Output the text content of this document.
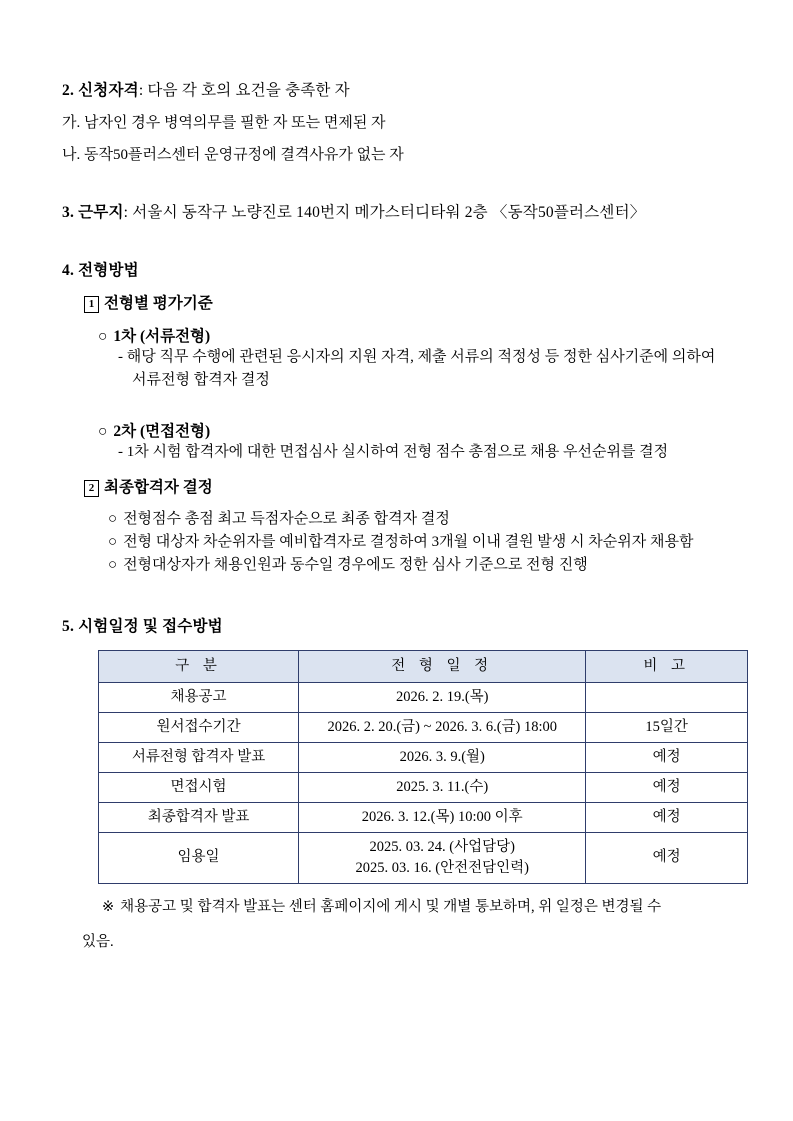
2. 신청자격: 다음 각 호의 요건을 충족한 자

가. 남자인 경우 병역의무를 필한 자 또는 면제된 자

나. 동작50플러스센터 운영규정에 결격사유가 없는 자

3. 근무지: 서울시 동작구 노량진로 140번지 메가스터디타워 2층 〈동작50플러스센터〉

4. 전형방법

1 전형별 평가기준

○ 1차 (서류전형)

- 해당 직무 수행에 관련된 응시자의 지원 자격, 제출 서류의 적정성 등 정한 심사기준에 의하여 서류전형 합격자 결정

○ 2차 (면접전형)

- 1차 시험 합격자에 대한 면접심사 실시하여 전형 점수 총점으로 채용 우선순위를 결정

2 최종합격자 결정

○ 전형점수 총점 최고 득점자순으로 최종 합격자 결정

○ 전형 대상자 차순위자를 예비합격자로 결정하여 3개월 이내 결원 발생 시 차순위자 채용함

○ 전형대상자가 채용인원과 동수일 경우에도 정한 심사 기준으로 전형 진행

5. 시험일정 및 접수방법

구 분	전 형 일 정	비 고
채용공고	2026. 2. 19.(목)	
원서접수기간	2026. 2. 20.(금) ~ 2026. 3. 6.(금) 18:00	15일간
서류전형 합격자 발표	2026. 3. 9.(월)	예정
면접시험	2025. 3. 11.(수)	예정
최종합격자 발표	2026. 3. 12.(목) 10:00 이후	예정
임용일	2025. 03. 24. (사업담당)
2025. 03. 16. (안전전담인력)	예정

※ 채용공고 및 합격자 발표는 센터 홈페이지에 게시 및 개별 통보하며, 위 일정은 변경될 수

있음.
